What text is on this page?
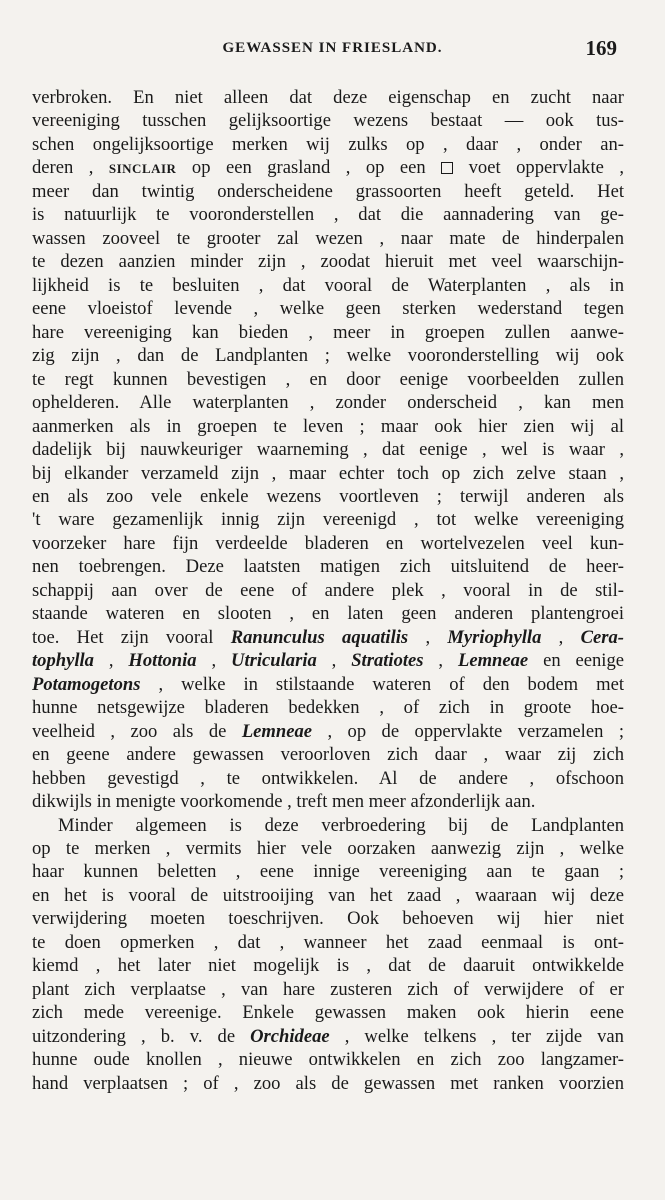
GEWASSEN IN FRIESLAND.	169
verbroken. En niet alleen dat deze eigenschap en zucht naar
vereeniging tusschen gelijksoortige wezens bestaat — ook tus-
schen ongelijksoortige merken wij zulks op , daar , onder an-
deren , SINCLAIR op een grasland , op een  voet oppervlakte ,
meer dan twintig onderscheidene grassoorten heeft geteld. Het
is natuurlijk te vooronderstellen , dat die aannadering van ge-
wassen zooveel te grooter zal wezen , naar mate de hinderpalen
te dezen aanzien minder zijn , zoodat hieruit met veel waarschijn-
lijkheid is te besluiten , dat vooral de Waterplanten , als in
eene vloeistof levende , welke geen sterken wederstand tegen
hare vereeniging kan bieden , meer in groepen zullen aanwe-
zig zijn , dan de Landplanten ; welke vooronderstelling wij ook
te regt kunnen bevestigen , en door eenige voorbeelden zullen
ophelderen. Alle waterplanten , zonder onderscheid , kan men
aanmerken als in groepen te leven ; maar ook hier zien wij al
dadelijk bij nauwkeuriger waarneming , dat eenige , wel is waar ,
bij elkander verzameld zijn , maar echter toch op zich zelve staan ,
en als zoo vele enkele wezens voortleven ; terwijl anderen als
't ware gezamenlijk innig zijn vereenigd , tot welke vereeniging
voorzeker hare fijn verdeelde bladeren en wortelvezelen veel kun-
nen toebrengen. Deze laatsten matigen zich uitsluitend de heer-
schappij aan over de eene of andere plek , vooral in de stil-
staande wateren en slooten , en laten geen anderen plantengroei
toe. Het zijn vooral Ranunculus aquatilis , Myriophylla , Cera-
tophylla , Hottonia , Utricularia , Stratiotes , Lemneae en eenige
Potamogetons , welke in stilstaande wateren of den bodem met
hunne netsgewijze bladeren bedekken , of zich in groote hoe-
veelheid , zoo als de Lemneae , op de oppervlakte verzamelen ;
en geene andere gewassen veroorloven zich daar , waar zij zich
hebben gevestigd , te ontwikkelen. Al de andere , ofschoon
dikwijls in menigte voorkomende , treft men meer afzonderlijk aan.
Minder algemeen is deze verbroedering bij de Landplanten
op te merken , vermits hier vele oorzaken aanwezig zijn , welke
haar kunnen beletten , eene innige vereeniging aan te gaan ;
en het is vooral de uitstrooijing van het zaad , waaraan wij deze
verwijdering moeten toeschrijven. Ook behoeven wij hier niet
te doen opmerken , dat , wanneer het zaad eenmaal is ont-
kiemd , het later niet mogelijk is , dat de daaruit ontwikkelde
plant zich verplaatse , van hare zusteren zich of verwijdere of er
zich mede vereenige. Enkele gewassen maken ook hierin eene
uitzondering , b. v. de Orchideae , welke telkens , ter zijde van
hunne oude knollen , nieuwe ontwikkelen en zich zoo langzamer-
hand verplaatsen ; of , zoo als de gewassen met ranken voorzien
